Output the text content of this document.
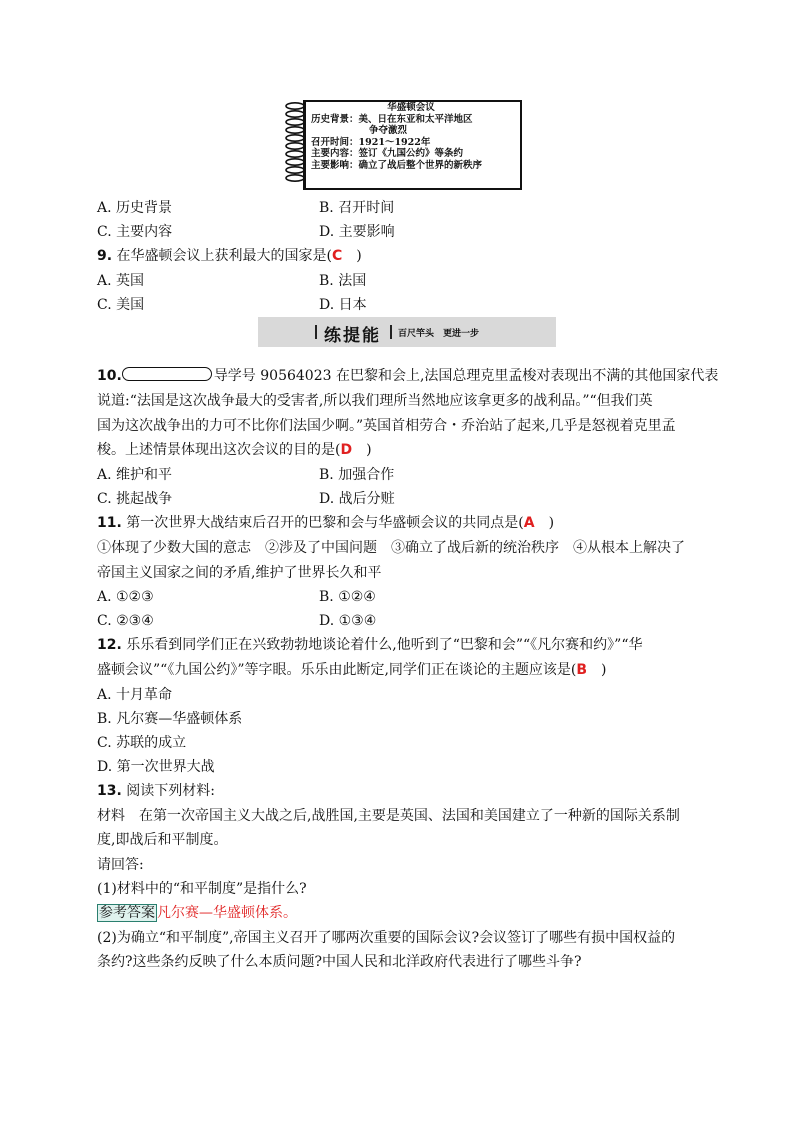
华盛顿会议
历史背景：美、日在东亚和太平洋地区
争夺激烈
召开时间：1921～1922年
主要内容：签订《九国公约》等条约
主要影响：确立了战后整个世界的新秩序
A. 历史背景	B. 召开时间
C. 主要内容	D. 主要影响
9. 在华盛顿会议上获利最大的国家是(C　)
A. 英国	B. 法国
C. 美国	D. 日本
练提能 百尺竿头　更进一步
10.	导学号 90564023 在巴黎和会上,法国总理克里孟梭对表现出不满的其他国家代表
说道:“法国是这次战争最大的受害者,所以我们理所当然地应该拿更多的战利品。”“但我们英
国为这次战争出的力可不比你们法国少啊。”英国首相劳合・乔治站了起来,几乎是怒视着克里孟
梭。上述情景体现出这次会议的目的是(D　)
A. 维护和平	B. 加强合作
C. 挑起战争	D. 战后分赃
11. 第一次世界大战结束后召开的巴黎和会与华盛顿会议的共同点是(A　)
①体现了少数大国的意志　②涉及了中国问题　③确立了战后新的统治秩序　④从根本上解决了
帝国主义国家之间的矛盾,维护了世界长久和平
A. ①②③	B. ①②④
C. ②③④	D. ①③④
12. 乐乐看到同学们正在兴致勃勃地谈论着什么,他听到了“巴黎和会”“《凡尔赛和约》”“华
盛顿会议”“《九国公约》”等字眼。乐乐由此断定,同学们正在谈论的主题应该是(B　)
A. 十月革命
B. 凡尔赛—华盛顿体系
C. 苏联的成立
D. 第一次世界大战
13. 阅读下列材料:
材料　在第一次帝国主义大战之后,战胜国,主要是英国、法国和美国建立了一种新的国际关系制
度,即战后和平制度。
请回答:
(1)材料中的“和平制度”是指什么?
参考答案 凡尔赛—华盛顿体系。
(2)为确立“和平制度”,帝国主义召开了哪两次重要的国际会议?会议签订了哪些有损中国权益的
条约?这些条约反映了什么本质问题?中国人民和北洋政府代表进行了哪些斗争?
